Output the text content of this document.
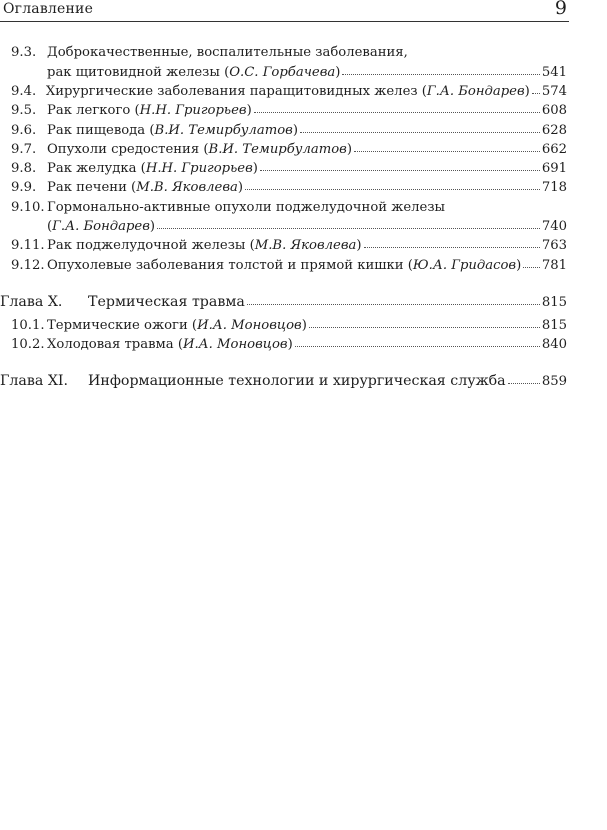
Оглавление	9
9.3. Доброкачественные, воспалительные заболевания,
рак щитовидной железы ( О.С. Горбачева )	541
9.4. Хирургические заболевания паращитовидных желез ( Г.А. Бондарев ) 574
9.5. Рак легкого ( Н.Н. Григорьев )	608
9.6. Рак пищевода ( В.И. Темирбулатов )	628
9.7. Опухоли средостения ( В.И. Темирбулатов )	662
9.8. Рак желудка ( Н.Н. Григорьев )	691
9.9. Рак печени ( М.В. Яковлева )	718
9.10. Гормонально-активные опухоли поджелудочной железы
( Г.А. Бондарев )	740
9.11. Рак поджелудочной железы ( М.В. Яковлева )	763
9.12. Опухолевые заболевания толстой и прямой кишки ( Ю.А. Гридасов ) 781
Глава X.	Термическая травма	815
10.1. Термические ожоги ( И.А. Моновцов )	815
10.2. Холодовая травма ( И.А. Моновцов )	840
Глава XI.	Информационные технологии и хирургическая служба	859
